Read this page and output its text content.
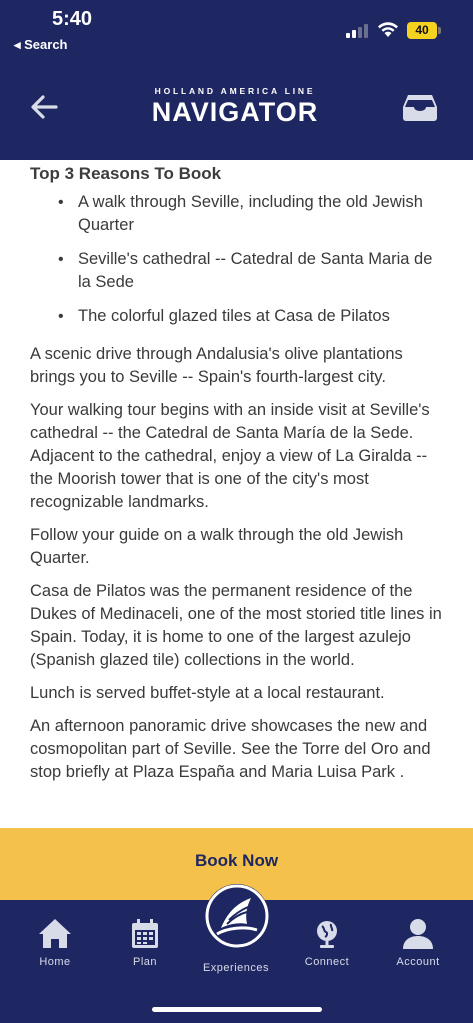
5:40
◂ Search
40
HOLLAND AMERICA LINE
NAVIGATOR
Top 3 Reasons To Book
• A walk through Seville, including the old Jewish Quarter
• Seville's cathedral -- Catedral de Santa Maria de la Sede
• The colorful glazed tiles at Casa de Pilatos

A scenic drive through Andalusia's olive plantations brings you to Seville -- Spain's fourth-largest city.

Your walking tour begins with an inside visit at Seville's cathedral -- the Catedral de Santa María de la Sede. Adjacent to the cathedral, enjoy a view of La Giralda -- the Moorish tower that is one of the city's most recognizable landmarks.

Follow your guide on a walk through the old Jewish Quarter.

Casa de Pilatos was the permanent residence of the Dukes of Medinaceli, one of the most storied title lines in Spain. Today, it is home to one of the largest azulejo (Spanish glazed tile) collections in the world.

Lunch is served buffet-style at a local restaurant.

An afternoon panoramic drive showcases the new and cosmopolitan part of Seville. See the Torre del Oro and stop briefly at Plaza España and Maria Luisa Park .

Book Now
Home	Plan	Experiences	Connect	Account
